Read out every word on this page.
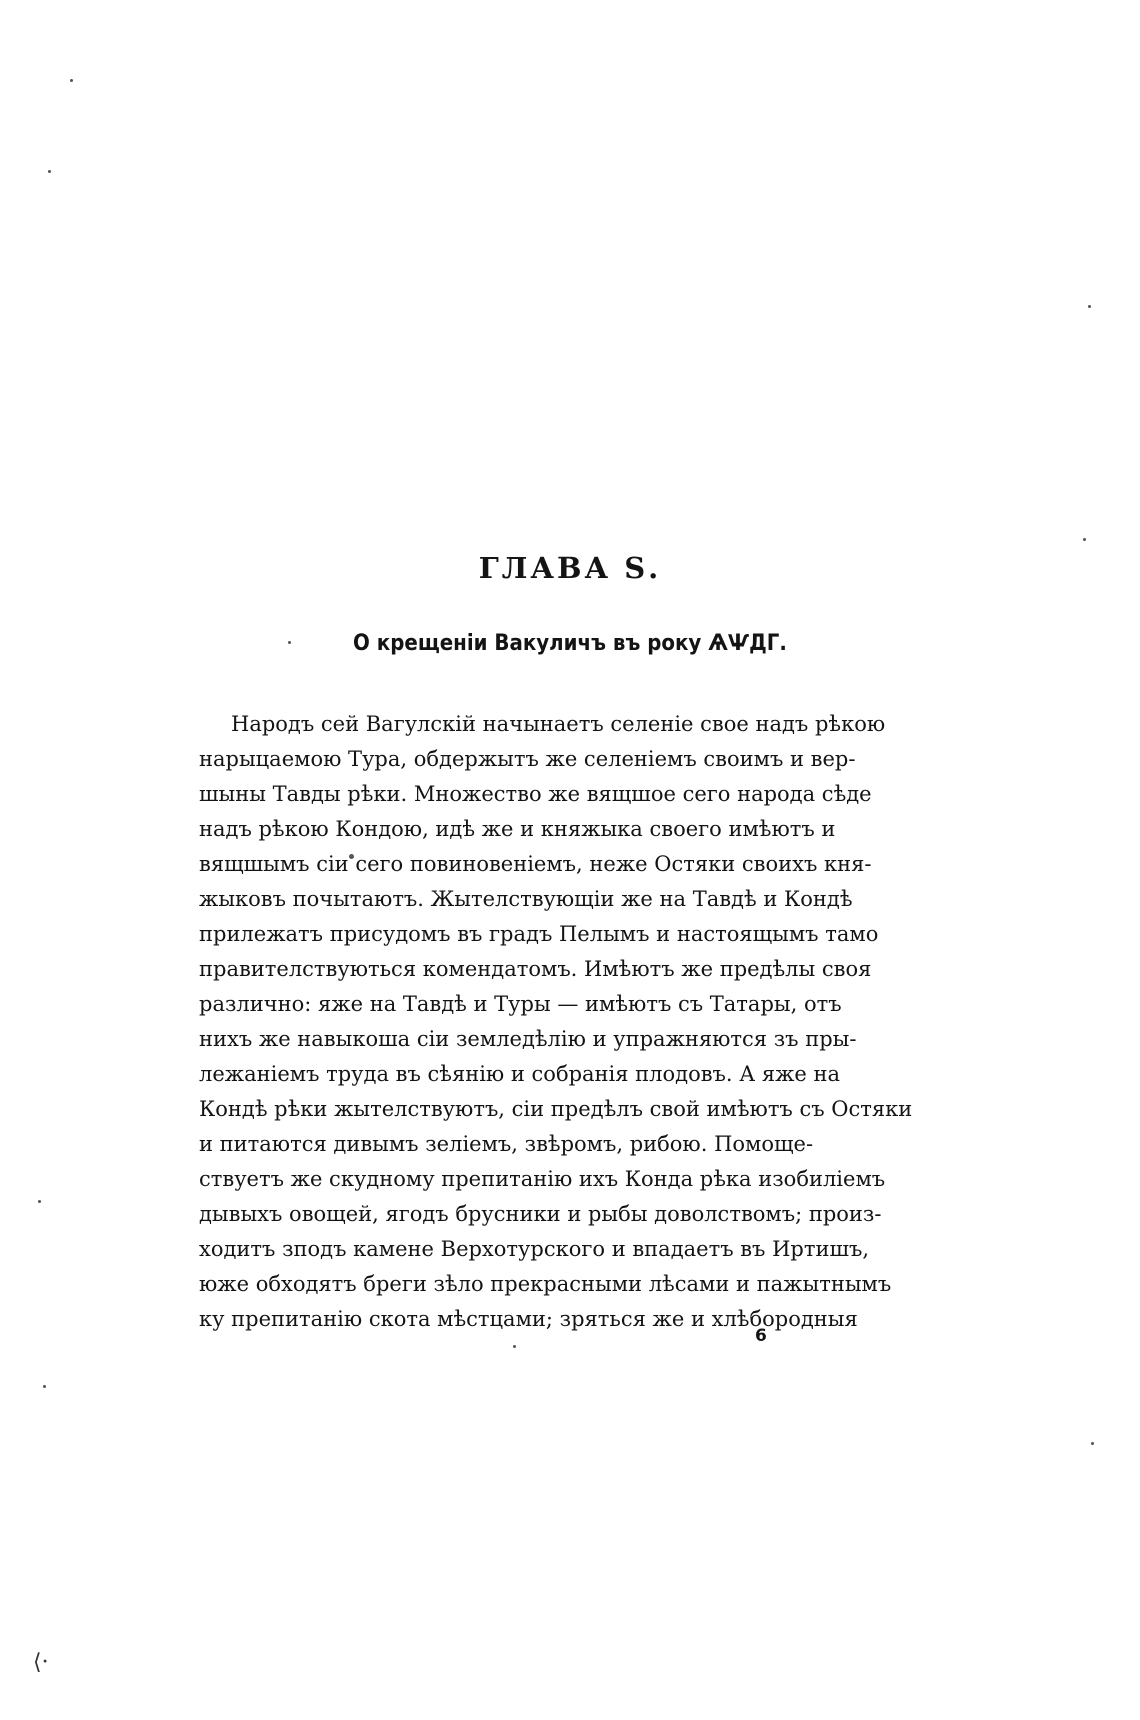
ГЛАВА Ѕ.
О крещеніи Вакуличъ въ року ѦѰДГ.
Народъ сей Вагулскій начынаетъ селеніе свое надъ рѣкою
нарыцаемою Тура, обдержытъ же селеніемъ своимъ и вер-
шыны Тавды рѣки. Множество же вящшое сего народа сѣде
надъ рѣкою Кондою, идѣ же и княжыка своего имѣютъ и
вящшымъ сіи сего повиновеніемъ, неже Остяки своихъ кня-
жыковъ почытаютъ. Жытелствующіи же на Тавдѣ и Кондѣ
прилежатъ присудомъ въ градъ Пелымъ и настоящымъ тамо
правителствуються комендатомъ. Имѣютъ же предѣлы своя
различно: яже на Тавдѣ и Туры — имѣютъ съ Татары, отъ
нихъ же навыкоша сіи земледѣлію и упражняются зъ пры-
лежаніемъ труда въ сѣянію и собранія плодовъ. А яже на
Кондѣ рѣки жытелствуютъ, сіи предѣлъ свой имѣютъ съ Остяки
и питаются дивымъ зеліемъ, звѣромъ, рибою. Помощe-
ствуетъ же скудному препитанію ихъ Конда рѣка изобиліемъ
дывыхъ овощей, ягодъ брусники и рыбы доволствомъ; произ-
ходитъ зподъ камене Верхотурского и впадаетъ въ Иртишъ,
юже обходятъ бреги зѣло прекрасными лѣсами и пажытнымъ
ку препитанію скота мѣстцами; зряться же и хлѣбородныя
6
⟨·
